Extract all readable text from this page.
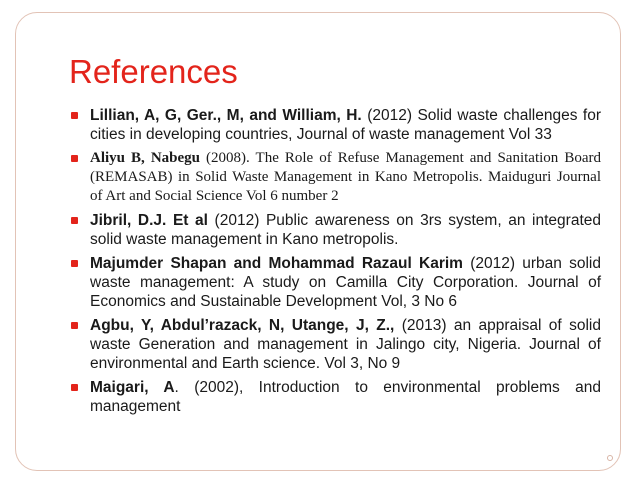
References
Lillian, A, G, Ger., M, and William, H. (2012) Solid waste challenges for cities in developing countries, Journal of waste management Vol 33
Aliyu B, Nabegu (2008). The Role of Refuse Management and Sanitation Board (REMASAB) in Solid Waste Management in Kano Metropolis. Maiduguri Journal of Art and Social Science Vol 6 number 2
Jibril, D.J. Et al (2012) Public awareness on 3rs system, an integrated solid waste management in Kano metropolis.
Majumder Shapan and Mohammad Razaul Karim (2012) urban solid waste management: A study on Camilla City Corporation. Journal of Economics and Sustainable Development Vol, 3 No 6
Agbu, Y, Abdul’razack, N, Utange, J, Z., (2013) an appraisal of solid waste Generation and management in Jalingo city, Nigeria. Journal of environmental and Earth science. Vol 3, No 9
Maigari, A. (2002), Introduction to environmental problems and management
